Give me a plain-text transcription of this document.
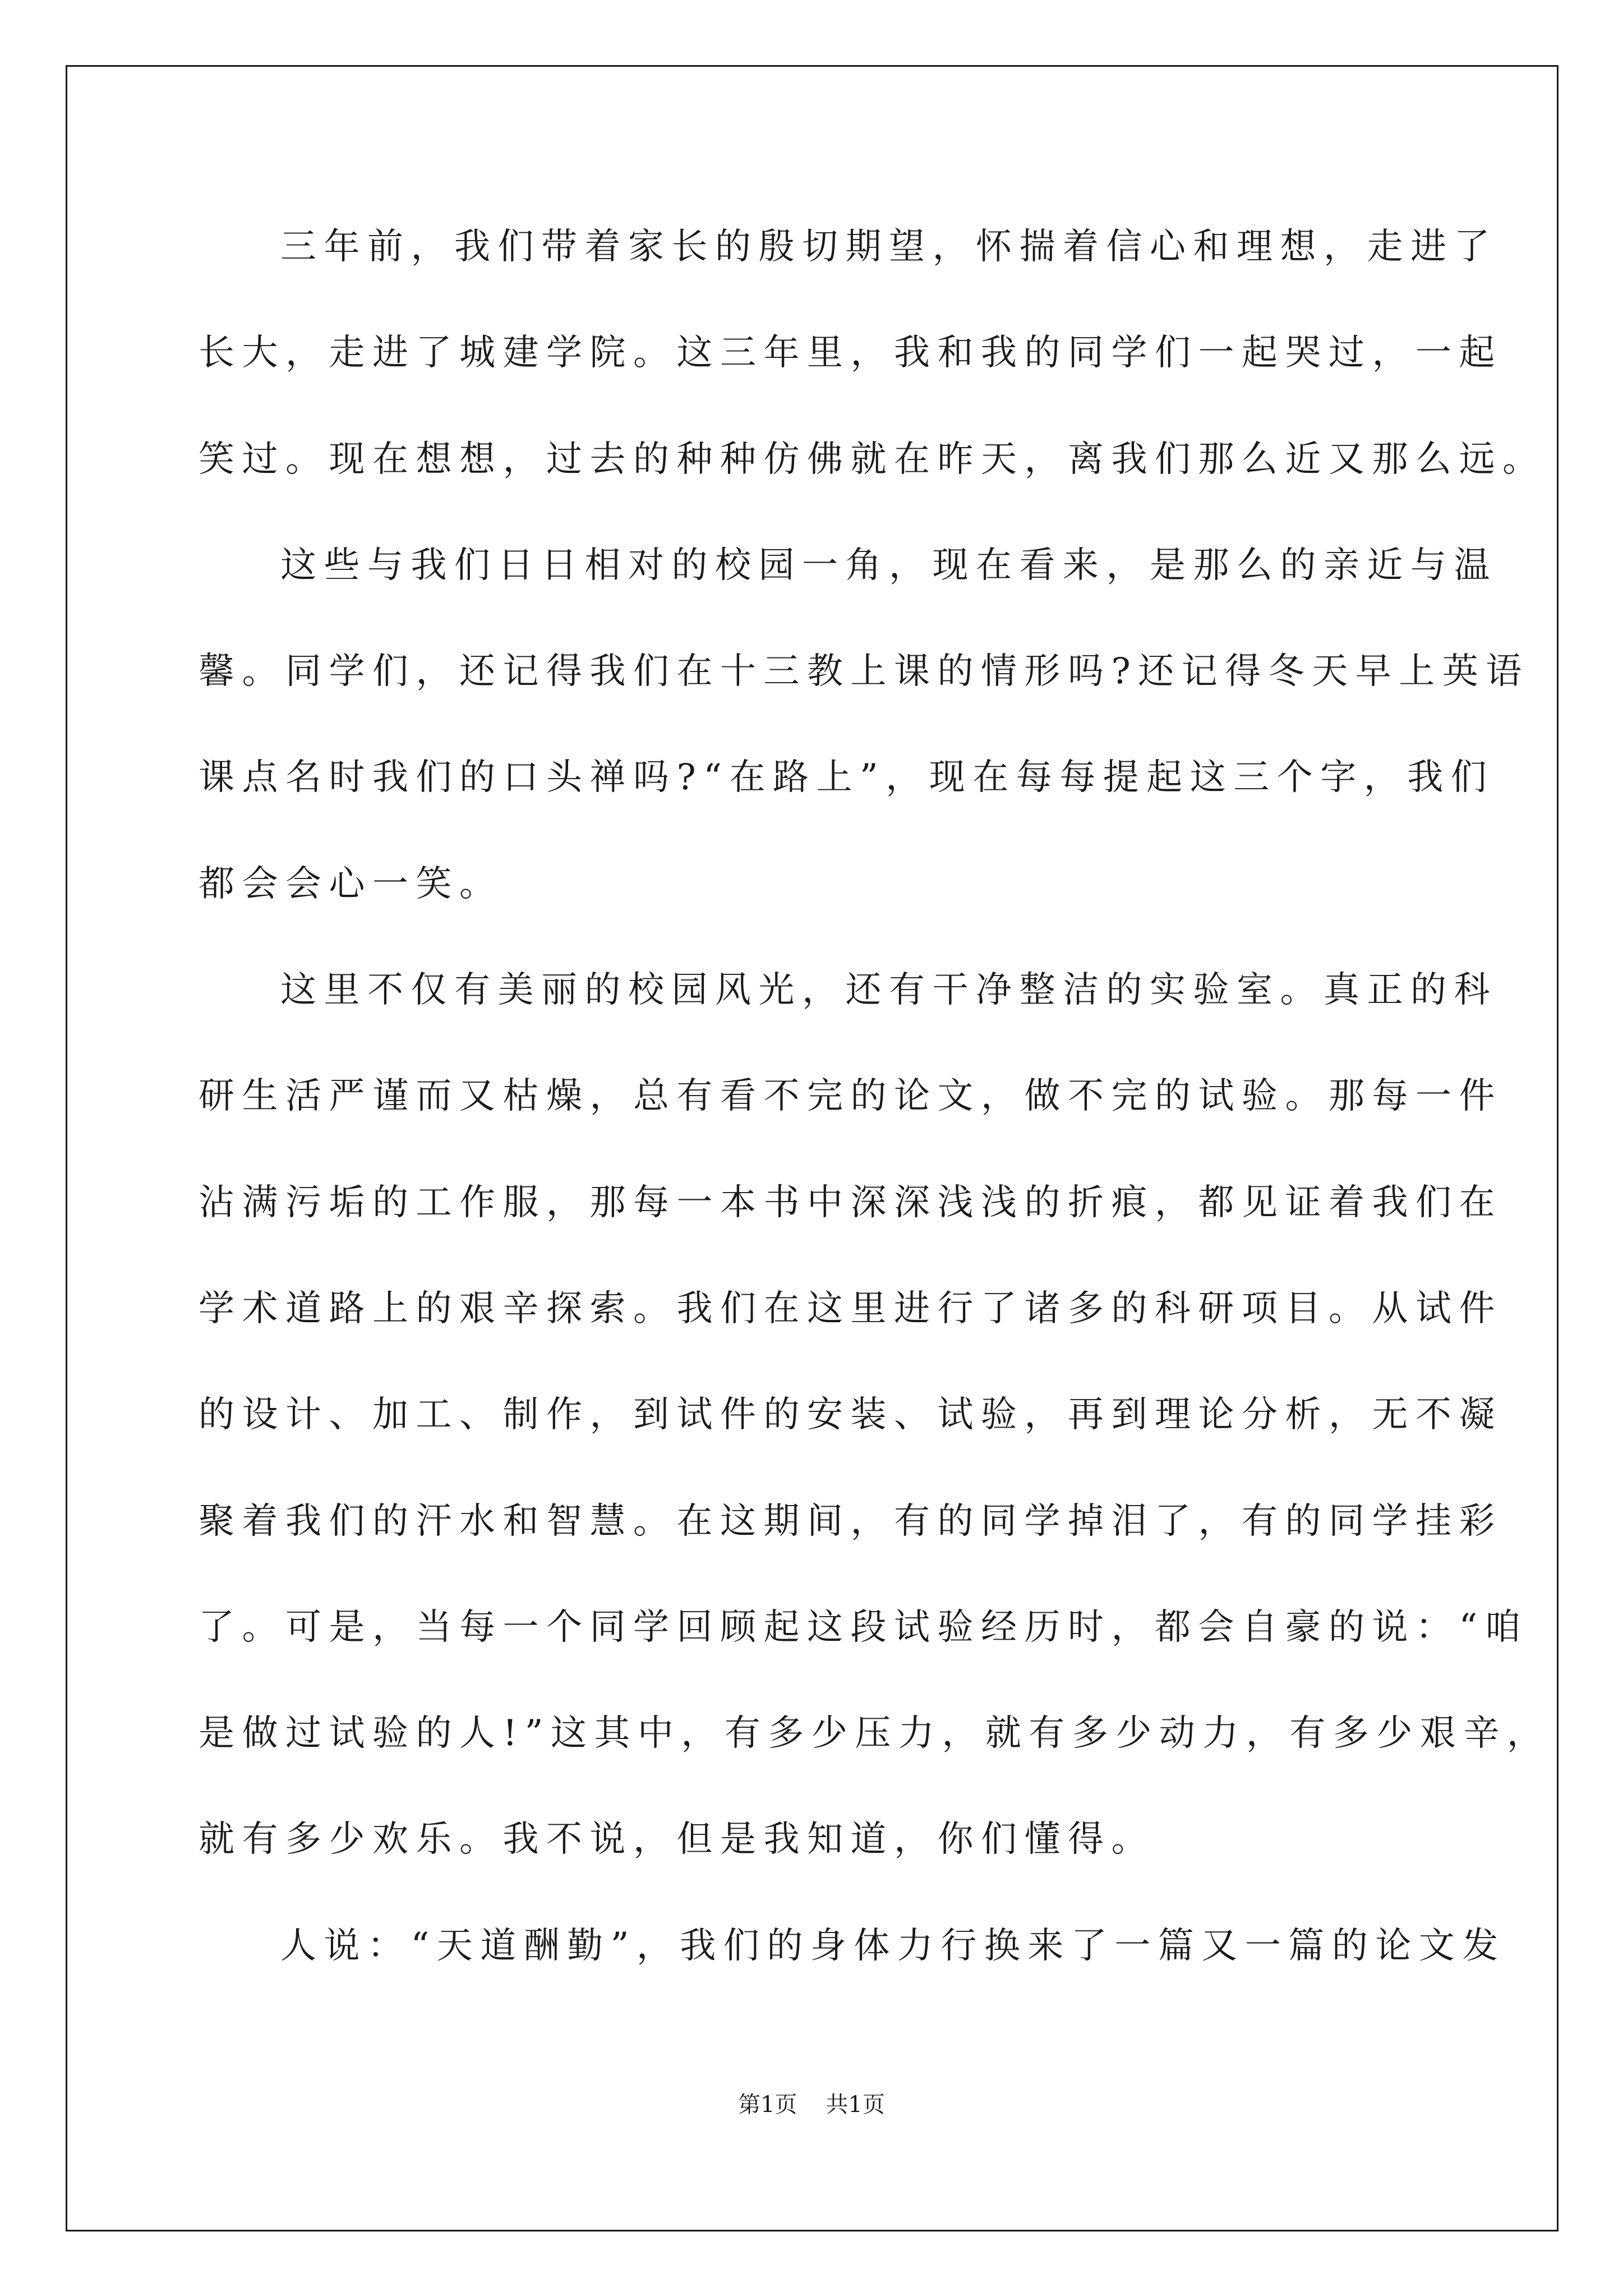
三年前，我们带着家长的殷切期望，怀揣着信心和理想，走进了
长大，走进了城建学院。这三年里，我和我的同学们一起哭过，一起
笑过。现在想想，过去的种种仿佛就在昨天，离我们那么近又那么远。
这些与我们日日相对的校园一角，现在看来，是那么的亲近与温
馨。同学们，还记得我们在十三教上课的情形吗?还记得冬天早上英语
课点名时我们的口头禅吗?“在路上”，现在每每提起这三个字，我们
都会会心一笑。
这里不仅有美丽的校园风光，还有干净整洁的实验室。真正的科
研生活严谨而又枯燥，总有看不完的论文，做不完的试验。那每一件
沾满污垢的工作服，那每一本书中深深浅浅的折痕，都见证着我们在
学术道路上的艰辛探索。我们在这里进行了诸多的科研项目。从试件
的设计、加工、制作，到试件的安装、试验，再到理论分析，无不凝
聚着我们的汗水和智慧。在这期间，有的同学掉泪了，有的同学挂彩
了。可是，当每一个同学回顾起这段试验经历时，都会自豪的说：“咱
是做过试验的人!”这其中，有多少压力，就有多少动力，有多少艰辛，
就有多少欢乐。我不说，但是我知道，你们懂得。
人说：“天道酬勤”，我们的身体力行换来了一篇又一篇的论文发
第1页    共1页
